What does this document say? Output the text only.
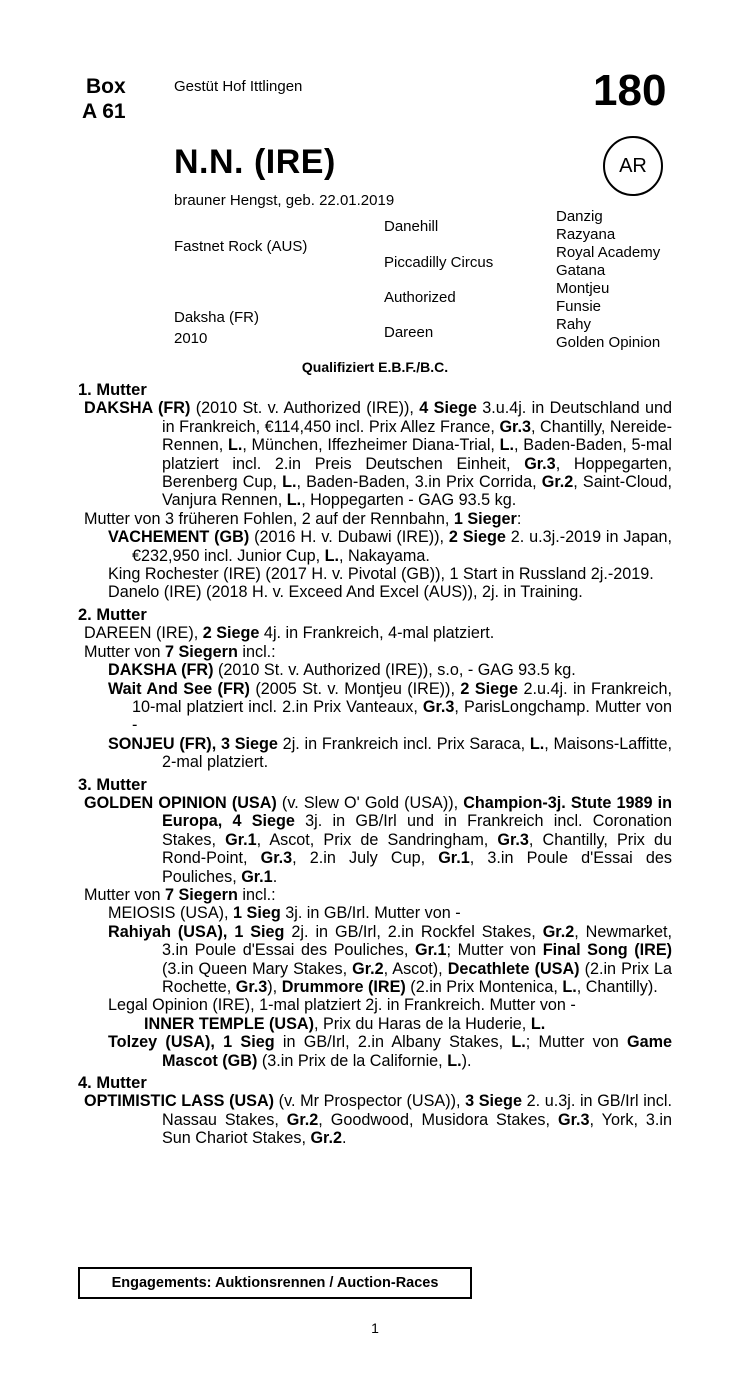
Box
A 61
Gestüt Hof Ittlingen	180
N.N. (IRE)	AR
brauner Hengst, geb. 22.01.2019
Fastnet Rock (AUS)
Daksha (FR)
2010
Danehill
Piccadilly Circus
Authorized
Dareen
Danzig
Razyana
Royal Academy
Gatana
Montjeu
Funsie
Rahy
Golden Opinion
Qualifiziert E.B.F./B.C.
1. Mutter
DAKSHA (FR) (2010 St. v. Authorized (IRE)), 4 Siege 3.u.4j. in Deutschland und in Frankreich, €114,450 incl. Prix Allez France, Gr.3, Chantilly, Nereide-Rennen, L., München, Iffezheimer Diana-Trial, L., Baden-Baden, 5-mal platziert incl. 2.in Preis Deutschen Einheit, Gr.3, Hoppegarten, Berenberg Cup, L., Baden-Baden, 3.in Prix Corrida, Gr.2, Saint-Cloud, Vanjura Rennen, L., Hoppegarten - GAG 93.5 kg.
Mutter von 3 früheren Fohlen, 2 auf der Rennbahn, 1 Sieger:
VACHEMENT (GB) (2016 H. v. Dubawi (IRE)), 2 Siege 2. u.3j.-2019 in Japan, €232,950 incl. Junior Cup, L., Nakayama.
King Rochester (IRE) (2017 H. v. Pivotal (GB)), 1 Start in Russland 2j.-2019.
Danelo (IRE) (2018 H. v. Exceed And Excel (AUS)), 2j. in Training.
2. Mutter
DAREEN (IRE), 2 Siege 4j. in Frankreich, 4-mal platziert.
Mutter von 7 Siegern incl.:
DAKSHA (FR) (2010 St. v. Authorized (IRE)), s.o, - GAG 93.5 kg.
Wait And See (FR) (2005 St. v. Montjeu (IRE)), 2 Siege 2.u.4j. in Frankreich, 10-mal platziert incl. 2.in Prix Vanteaux, Gr.3, ParisLongchamp. Mutter von -
SONJEU (FR), 3 Siege 2j. in Frankreich incl. Prix Saraca, L., Maisons-Laffitte, 2-mal platziert.
3. Mutter
GOLDEN OPINION (USA) (v. Slew O' Gold (USA)), Champion-3j. Stute 1989 in Europa, 4 Siege 3j. in GB/Irl und in Frankreich incl. Coronation Stakes, Gr.1, Ascot, Prix de Sandringham, Gr.3, Chantilly, Prix du Rond-Point, Gr.3, 2.in July Cup, Gr.1, 3.in Poule d'Essai des Pouliches, Gr.1.
Mutter von 7 Siegern incl.:
MEIOSIS (USA), 1 Sieg 3j. in GB/Irl. Mutter von -
Rahiyah (USA), 1 Sieg 2j. in GB/Irl, 2.in Rockfel Stakes, Gr.2, Newmarket, 3.in Poule d'Essai des Pouliches, Gr.1; Mutter von Final Song (IRE) (3.in Queen Mary Stakes, Gr.2, Ascot), Decathlete (USA) (2.in Prix La Rochette, Gr.3), Drummore (IRE) (2.in Prix Montenica, L., Chantilly).
Legal Opinion (IRE), 1-mal platziert 2j. in Frankreich. Mutter von -
INNER TEMPLE (USA), Prix du Haras de la Huderie, L.
Tolzey (USA), 1 Sieg in GB/Irl, 2.in Albany Stakes, L.; Mutter von Game Mascot (GB) (3.in Prix de la Californie, L.).
4. Mutter
OPTIMISTIC LASS (USA) (v. Mr Prospector (USA)), 3 Siege 2. u.3j. in GB/Irl incl. Nassau Stakes, Gr.2, Goodwood, Musidora Stakes, Gr.3, York, 3.in Sun Chariot Stakes, Gr.2.
Engagements: Auktionsrennen / Auction-Races
1
